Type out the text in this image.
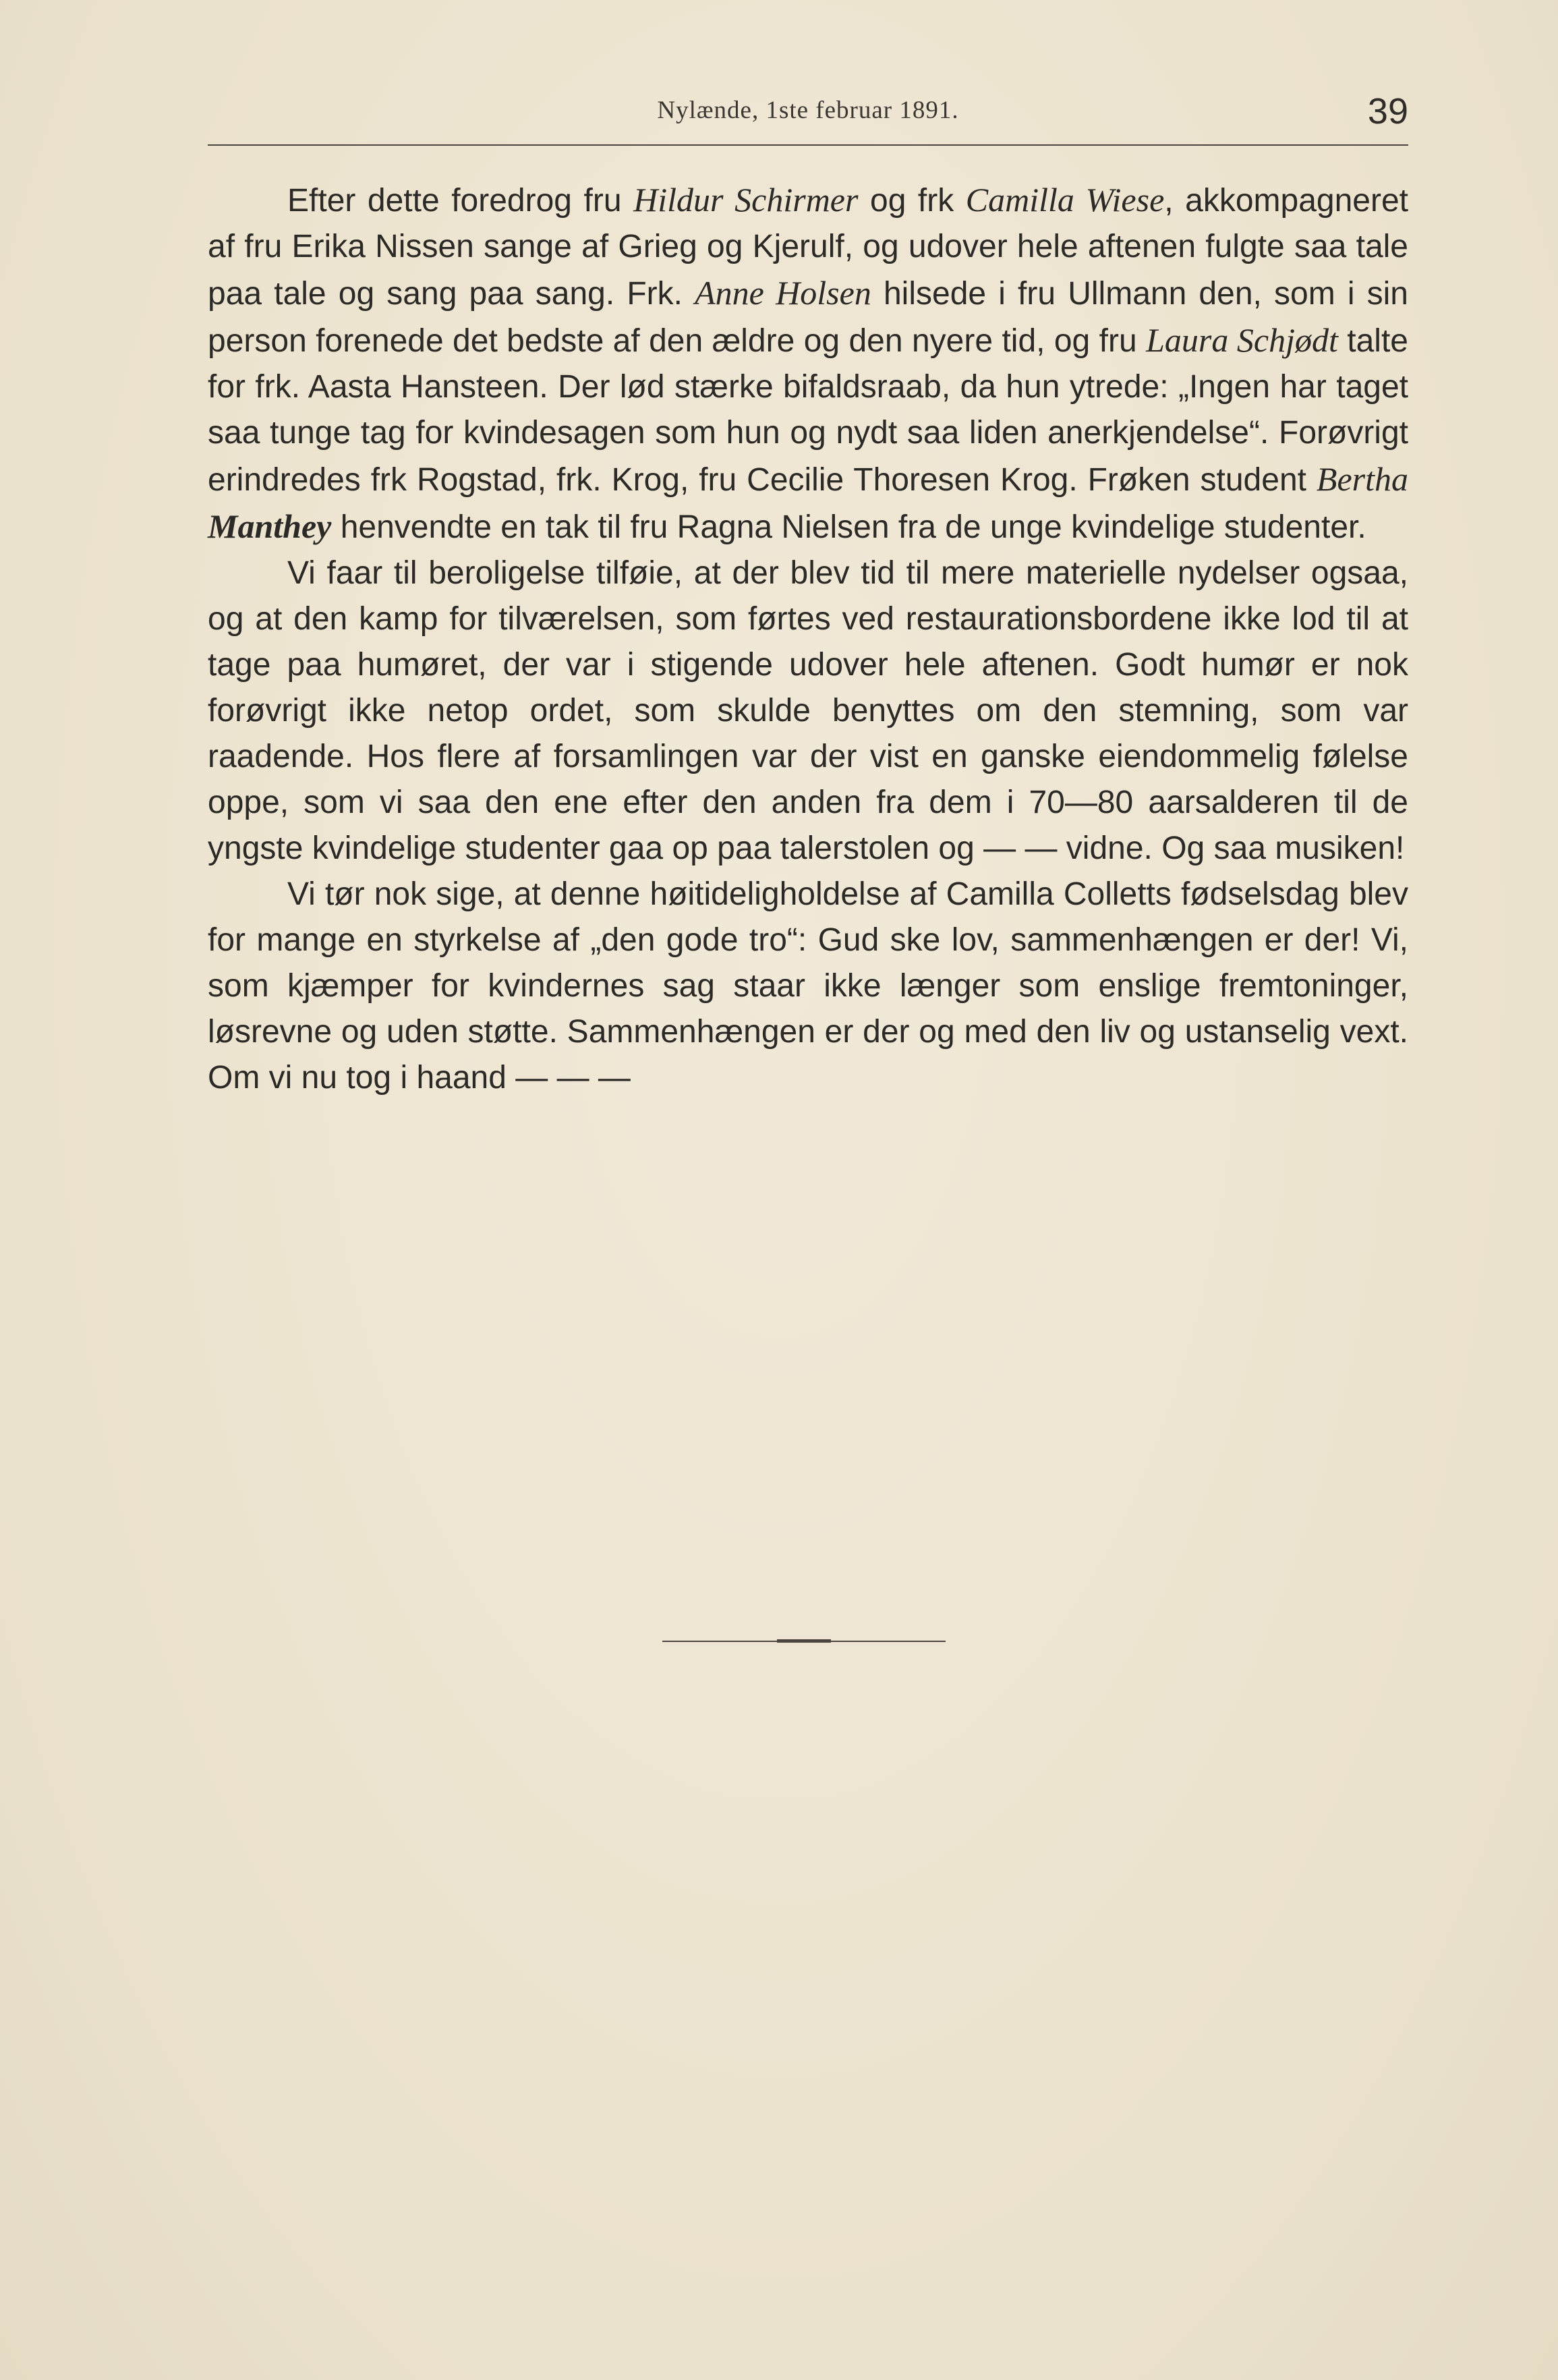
Nylænde, 1ste februar 1891.	39

Efter dette foredrog fru Hildur Schirmer og frk Camilla Wiese, akkompagneret af fru Erika Nissen sange af Grieg og Kjerulf, og udover hele aftenen fulgte saa tale paa tale og sang paa sang. Frk. Anne Holsen hilsede i fru Ullmann den, som i sin person forenede det bedste af den ældre og den nyere tid, og fru Laura Schjødt talte for frk. Aasta Hansteen. Der lød stærke bifaldsraab, da hun ytrede: „Ingen har taget saa tunge tag for kvindesagen som hun og nydt saa liden anerkjendelse“. Forøvrigt erindredes frk Rogstad, frk. Krog, fru Cecilie Thoresen Krog. Frøken student Bertha Manthey henvendte en tak til fru Ragna Nielsen fra de unge kvindelige studenter.

Vi faar til beroligelse tilføie, at der blev tid til mere materielle nydelser ogsaa, og at den kamp for tilværelsen, som førtes ved restaurationsbordene ikke lod til at tage paa humøret, der var i stigende udover hele aftenen. Godt humør er nok forøvrigt ikke netop ordet, som skulde benyttes om den stemning, som var raadende. Hos flere af forsamlingen var der vist en ganske eiendommelig følelse oppe, som vi saa den ene efter den anden fra dem i 70—80 aarsalderen til de yngste kvindelige studenter gaa op paa talerstolen og — — vidne. Og saa musiken!

Vi tør nok sige, at denne høitideligholdelse af Camilla Colletts fødselsdag blev for mange en styrkelse af „den gode tro“: Gud ske lov, sammenhængen er der! Vi, som kjæmper for kvindernes sag staar ikke længer som enslige fremtoninger, løsrevne og uden støtte. Sammenhængen er der og med den liv og ustanselig vext. Om vi nu tog i haand — — —
